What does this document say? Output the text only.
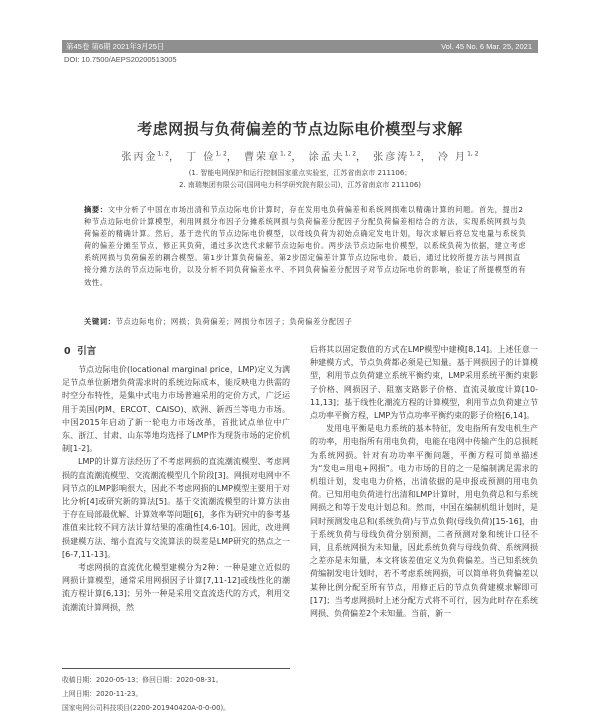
第45卷 第6期 2021年3月25日	Vol. 45 No. 6 Mar. 25, 2021
DOI: 10.7500/AEPS20200513005
考虑网损与负荷偏差的节点边际电价模型与求解
张丙金$^{1, 2}$， 丁 俭$^{1, 2}$， 曹荣章$^{1, 2}$， 涂孟夫$^{1, 2}$， 张彦涛$^{1, 2}$， 冷 月$^{1, 2}$
(1. 智能电网保护和运行控制国家重点实验室，江苏省南京市 211106；
2. 南瑞集团有限公司(国网电力科学研究院有限公司)，江苏省南京市 211106)
摘要：文中分析了中国在市场出清和节点边际电价计算时，存在发用电负荷偏差和系统网损难以精确计算的问题。首先，提出2种节点边际电价计算模型，利用网损分布因子分摊系统网损与负荷偏差分配因子分配负荷偏差相结合的方法，实现系统网损与负荷偏差的精确计算。然后，基于迭代的节点边际电价模型，以母线负荷为初始点确定发电计划，每次求解后将总发电量与系统负荷的偏差分摊至节点，修正其负荷，通过多次迭代求解节点边际电价。两步法节点边际电价模型，以系统负荷为依据，建立考虑系统网损与负荷偏差的耦合模型。第1步计算负荷偏差，第2步固定偏差计算节点边际电价。最后，通过比较所提方法与网损直接分摊方法的节点边际电价，以及分析不同负荷偏差水平、不同负荷偏差分配因子对节点边际电价的影响，验证了所提模型的有效性。
关键词：节点边际电价；网损；负荷偏差；网损分布因子；负荷偏差分配因子
0 引言

节点边际电价(locational marginal price，LMP)定义为满足节点单位新增负荷需求时的系统边际成本，能反映电力供需的时空分布特性，是集中式电力市场普遍采用的定价方式，广泛运用于美国(PJM、ERCOT、CAISO)、欧洲、新西兰等电力市场。中国2015年启动了新一轮电力市场改革，首批试点单位中广东、浙江、甘肃、山东等地均选择了LMP作为现货市场的定价机制[1-2]。

LMP的计算方法经历了不考虑网损的直流潮流模型、考虑网损的直流潮流模型、交流潮流模型几个阶段[3]。网损对电网中不同节点的LMP影响很大，因此不考虑网损的LMP模型主要用于对比分析[4]或研究新的算法[5]。基于交流潮流模型的计算方法由于存在局部最优解、计算效率等问题[6]，多作为研究中的参考基准值来比较不同方法计算结果的准确性[4,6-10]。因此，改进网损建模方法、缩小直流与交流算法的误差是LMP研究的热点之一[6-7,11-13]。

考虑网损的直流优化模型建模分为2种：一种是建立近似的网损计算模型，通常采用网损因子计算[7,11-12]或线性化的潮流方程计算[6,13]；另外一种是采用交直流迭代的方式，利用交流潮流计算网损，然

后将其以固定数值的方式在LMP模型中建模[8,14]。上述任意一种建模方式，节点负荷都必须是已知量。基于网损因子的计算模型，利用节点负荷建立系统平衡约束，LMP采用系统平衡约束影子价格、网损因子、阻塞支路影子价格、直流灵敏度计算[10-11,13]；基于线性化潮流方程的计算模型，利用节点负荷建立节点功率平衡方程，LMP为节点功率平衡约束的影子价格[6,14]。

发用电平衡是电力系统的基本特征，发电指所有发电机生产的功率，用电指所有用电负荷，电能在电网中传输产生的总损耗为系统网损。针对有功功率平衡问题，平衡方程可简单描述为“发电=用电+网损”。电力市场的目的之一是编制满足需求的机组计划，发电电力价格，出清依据的是申报或预测的用电负荷。已知用电负荷进行出清和LMP计算时，用电负荷总和与系统网损之和等于发电计划总和。然而，中国在编制机组计划时，是同时预测发电总和(系统负荷)与节点负荷(母线负荷)[15-16]，由于系统负荷与母线负荷分别预测，二者预测对象和统计口径不同，且系统网损为未知量，因此系统负荷与母线负荷、系统网损之差亦是未知量，本文将该差值定义为负荷偏差。当已知系统负荷编制发电计划时，若不考虑系统网损，可以简单将负荷偏差以某种比例分配至所有节点，用修正后的节点负荷建模求解即可[17]；当考虑网损时上述分配方式将不可行，因为此时存在系统网损、负荷偏差2个未知量。当前，新一

收稿日期：2020-05-13；修回日期：2020-08-31。
上网日期：2020-11-23。
国家电网公司科技项目(2200-201940420A-0-0-00)。
